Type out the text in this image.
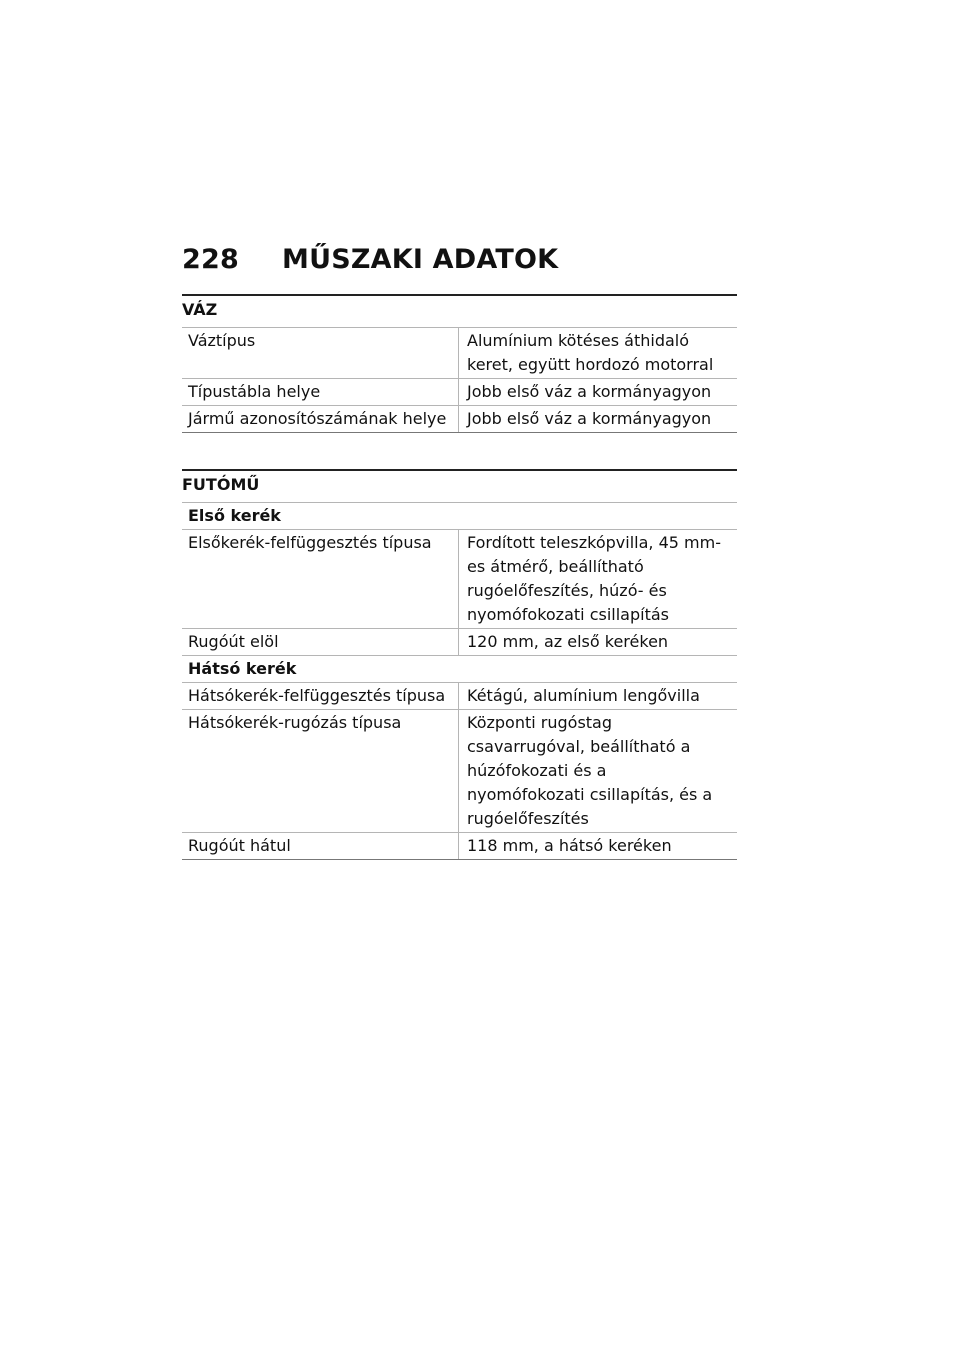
228	MŰSZAKI ADATOK
VÁZ
Váztípus	Alumínium kötéses áthidaló keret, együtt hordozó motorral
Típustábla helye	Jobb első váz a kormányagyon
Jármű azonosítószámának helye	Jobb első váz a kormányagyon
FUTÓMŰ
Első kerék
Elsőkerék-felfüggesztés típusa	Fordított teleszkópvilla, 45 mm-es átmérő, beállítható rugóelőfeszítés, húzó- és nyomófokozati csillapítás
Rugóút elöl	120 mm, az első keréken
Hátsó kerék
Hátsókerék-felfüggesztés típusa	Kétágú, alumínium lengővilla
Hátsókerék-rugózás típusa	Központi rugóstag csavarrugóval, beállítható a húzófokozati és a nyomófokozati csillapítás, és a rugóelőfeszítés
Rugóút hátul	118 mm, a hátsó keréken
